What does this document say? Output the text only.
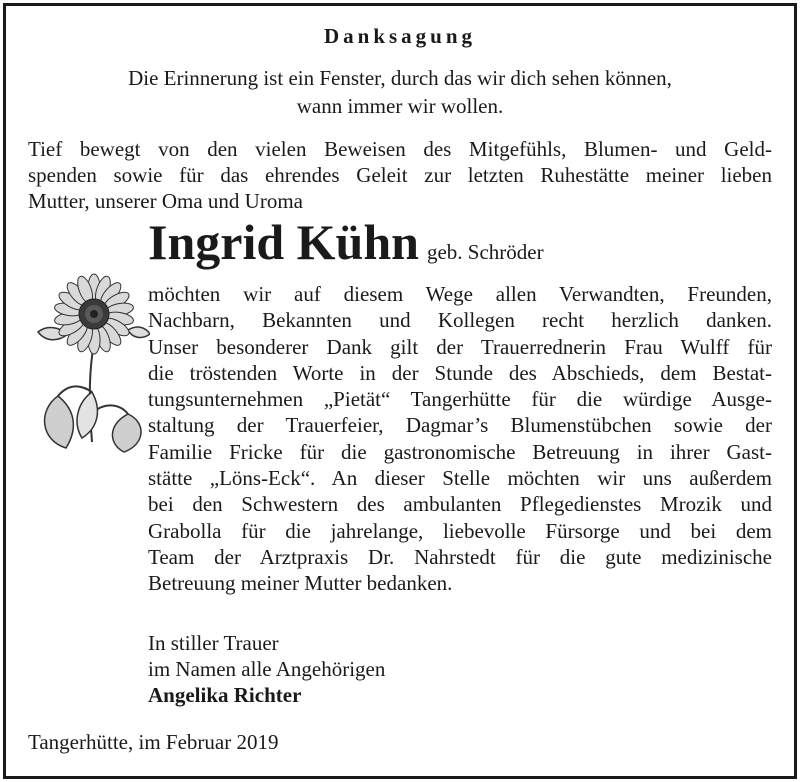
Danksagung

Die Erinnerung ist ein Fenster, durch das wir dich sehen können,
wann immer wir wollen.

Tief bewegt von den vielen Beweisen des Mitgefühls, Blumen- und Geld-
spenden sowie für das ehrendes Geleit zur letzten Ruhestätte meiner lieben
Mutter, unserer Oma und Uroma

Ingrid Kühn geb. Schröder

möchten wir auf diesem Wege allen Verwandten, Freunden,
Nachbarn, Bekannten und Kollegen recht herzlich danken.
Unser besonderer Dank gilt der Trauerrednerin Frau Wulff für
die tröstenden Worte in der Stunde des Abschieds, dem Bestat-
tungsunternehmen „Pietät“ Tangerhütte für die würdige Ausge-
staltung der Trauerfeier, Dagmar’s Blumenstübchen sowie der
Familie Fricke für die gastronomische Betreuung in ihrer Gast-
stätte „Löns-Eck“. An dieser Stelle möchten wir uns außerdem
bei den Schwestern des ambulanten Pflegedienstes Mrozik und
Grabolla für die jahrelange, liebevolle Fürsorge und bei dem
Team der Arztpraxis Dr. Nahrstedt für die gute medizinische
Betreuung meiner Mutter bedanken.

In stiller Trauer
im Namen alle Angehörigen
Angelika Richter

Tangerhütte, im Februar 2019
